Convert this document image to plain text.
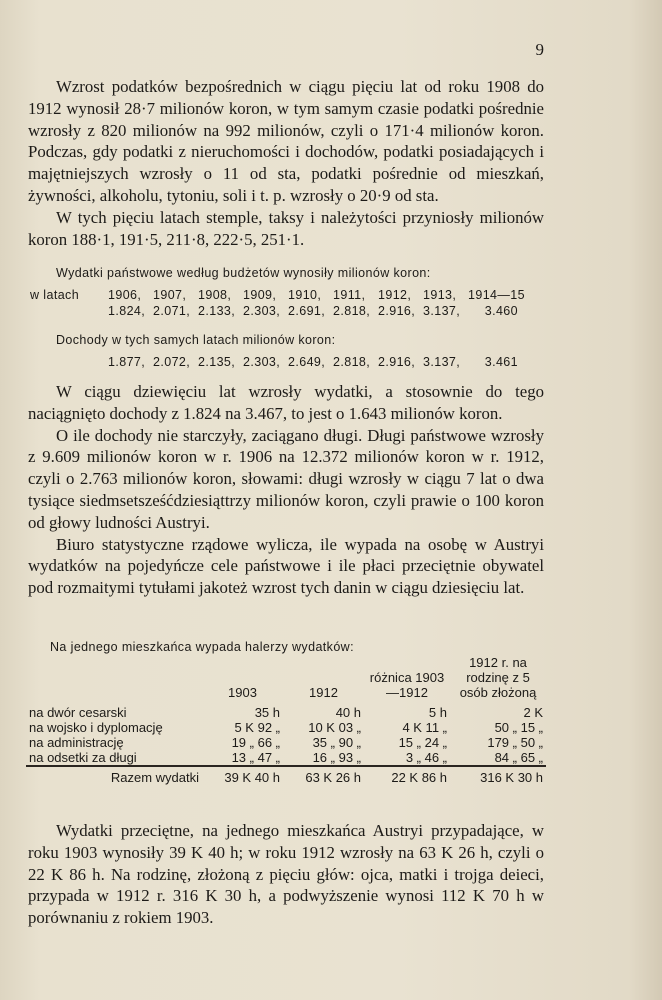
9

Wzrost podatków bezpośrednich w ciągu pięciu lat od roku 1908 do 1912 wynosił 28·7 milionów koron, w tym samym czasie podatki pośrednie wzrosły z 820 milionów na 992 milionów, czyli o 171·4 milionów koron. Podczas, gdy podatki z nieruchomości i dochodów, podatki posiadających i majętniejszych wzrosły o 11 od sta, podatki pośrednie od mieszkań, żywności, alkoholu, tytoniu, soli i t. p. wzrosły o 20·9 od sta.

W tych pięciu latach stemple, taksy i należytości przyniosły milionów koron 188·1, 191·5, 211·8, 222·5, 251·1.

Wydatki państwowe według budżetów wynosiły milionów koron:
w latach	1906, 1907, 1908, 1909, 1910, 1911,	1912, 1913, 1914—15
1.824, 2.071, 2.133, 2.303, 2.691, 2.818, 2.916, 3.137,	3.460
Dochody w tych samych latach milionów koron:
1.877, 2.072, 2.135, 2.303, 2.649, 2.818, 2.916, 3.137,	3.461

W ciągu dziewięciu lat wzrosły wydatki, a stosownie do tego naciągnięto dochody z 1.824 na 3.467, to jest o 1.643 milionów koron.

O ile dochody nie starczyły, zaciągano długi. Długi państwowe wzrosły z 9.609 milionów koron w r. 1906 na 12.372 milionów koron w r. 1912, czyli o 2.763 milionów koron, słowami: długi wzrosły w ciągu 7 lat o dwa tysiące siedmsetsześćdziesiąttrzy milionów koron, czyli prawie o 100 koron od głowy ludności Austryi.

Biuro statystyczne rządowe wylicza, ile wypada na osobę w Austryi wydatków na pojedyńcze cele państwowe i ile płaci przeciętnie obywatel pod rozmaitymi tytułami jakoteż wzrost tych danin w ciągu dziesięciu lat.

Na jednego mieszkańca wypada halerzy wydatków:
	1903	1912	różnica 1903—1912	1912 r. na rodzinę z 5 osób złożoną
na dwór cesarski	35 h	40 h	5 h	2 K
na wojsko i dyplomację	5 K 92 „	10 K 03 „	4 K 11 „	50 „ 15 „
na administrację	19 „ 66 „	35 „ 90 „	15 „ 24 „	179 „ 50 „
na odsetki za długi	13 „ 47 „	16 „ 93 „	3 „ 46 „	84 „ 65 „
Razem wydatki	39 K 40 h	63 K 26 h	22 K 86 h	316 K 30 h

Wydatki przeciętne, na jednego mieszkańca Austryi przypadające, w roku 1903 wynosiły 39 K 40 h; w roku 1912 wzrosły na 63 K 26 h, czyli o 22 K 86 h. Na rodzinę, złożoną z pięciu głów: ojca, matki i trojga deieci, przypada w 1912 r. 316 K 30 h, a podwyższenie wynosi 112 K 70 h w porównaniu z rokiem 1903.
